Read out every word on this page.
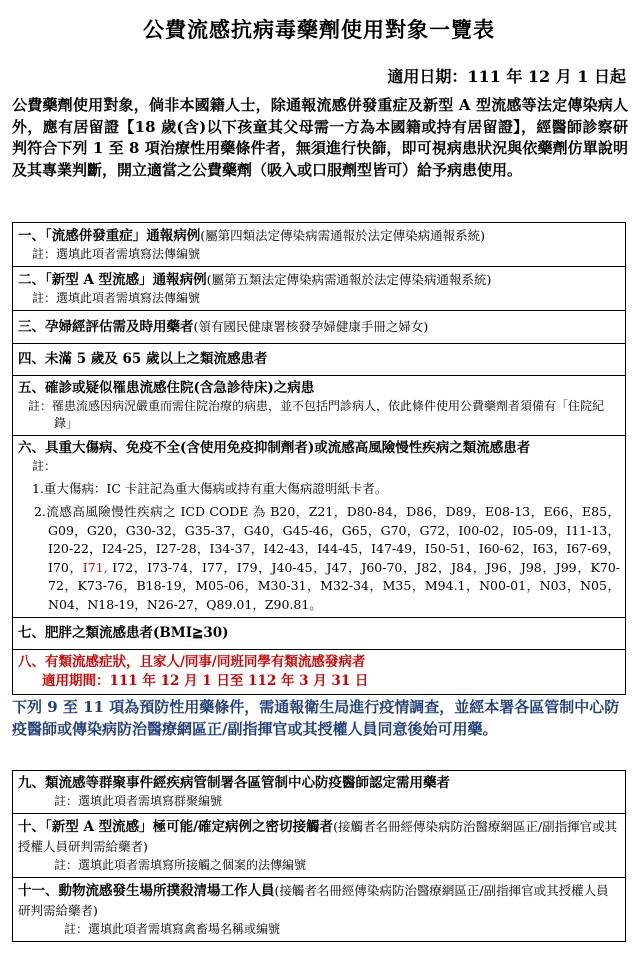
公費流感抗病毒藥劑使用對象一覽表
適用日期：111 年 12 月 1 日起
公費藥劑使用對象，倘非本國籍人士，除通報流感併發重症及新型 A 型流感等法定傳染病人外，應有居留證【18 歲(含)以下孩童其父母需一方為本國籍或持有居留證】，經醫師診察研判符合下列 1 至 8 項治療性用藥條件者，無須進行快篩，即可視病患狀況與依藥劑仿單說明及其專業判斷，開立適當之公費藥劑（吸入或口服劑型皆可）給予病患使用。
一、「流感併發重症」通報病例(屬第四類法定傳染病需通報於法定傳染病通報系統)
註：選填此項者需填寫法傳編號

二、「新型 A 型流感」通報病例(屬第五類法定傳染病需通報於法定傳染病通報系統)
註：選填此項者需填寫法傳編號

三、孕婦經評估需及時用藥者(領有國民健康署核發孕婦健康手冊之婦女)

四、未滿 5 歲及 65 歲以上之類流感患者

五、確診或疑似罹患流感住院(含急診待床)之病患
註：罹患流感因病況嚴重而需住院治療的病患，並不包括門診病人，依此條件使用公費藥劑者須備有「住院紀錄」

六、具重大傷病、免疫不全(含使用免疫抑制劑者)或流感高風險慢性疾病之類流感患者
註：
1.重大傷病：IC 卡註記為重大傷病或持有重大傷病證明紙卡者。
2.流感高風險慢性疾病之 ICD CODE 為 B20，Z21，D80-84，D86，D89，E08-13，E66，E85，G09，G20，G30-32，G35-37，G40，G45-46，G65，G70，G72，I00-02，I05-09，I11-13，I20-22，I24-25，I27-28，I34-37，I42-43，I44-45，I47-49，I50-51，I60-62，I63，I67-69，I70，I71, I72，I73-74，I77，I79，J40-45，J47，J60-70，J82，J84，J96，J98，J99，K70-72，K73-76，B18-19，M05-06，M30-31，M32-34，M35，M94.1，N00-01，N03，N05，N04，N18-19，N26-27，Q89.01，Z90.81。

七、肥胖之類流感患者(BMI≧30)

八、有類流感症狀，且家人/同事/同班同學有類流感發病者
適用期間：111 年 12 月 1 日至 112 年 3 月 31 日
下列 9 至 11 項為預防性用藥條件，需通報衛生局進行疫情調查，並經本署各區管制中心防疫醫師或傳染病防治醫療網區正/副指揮官或其授權人員同意後始可用藥。
九、類流感等群聚事件經疾病管制署各區管制中心防疫醫師認定需用藥者
註：選填此項者需填寫群聚編號

十、「新型 A 型流感」極可能/確定病例之密切接觸者(接觸者名冊經傳染病防治醫療網區正/副指揮官或其授權人員研判需給藥者)
註：選填此項者需填寫所接觸之個案的法傳編號

十一、動物流感發生場所撲殺清場工作人員(接觸者名冊經傳染病防治醫療網區正/副指揮官或其授權人員研判需給藥者)
註：選填此項者需填寫禽畜場名稱或編號
